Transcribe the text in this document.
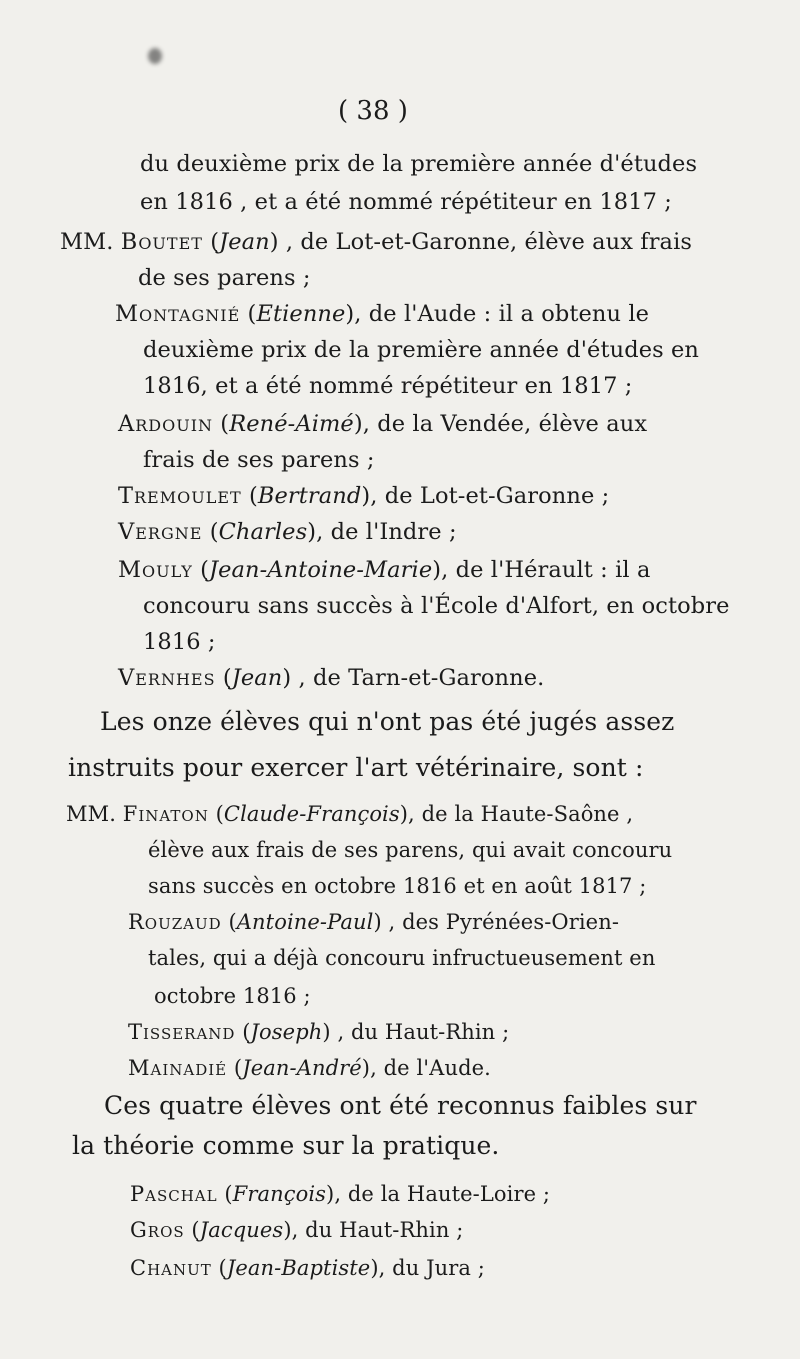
( 38 )
du deuxième prix de la première année d'études
en 1816 , et a été nommé répétiteur en 1817 ;
MM. Boutet (Jean) , de Lot-et-Garonne, élève aux frais
de ses parens ;
Montagnié (Etienne), de l'Aude : il a obtenu le
deuxième prix de la première année d'études en
1816, et a été nommé répétiteur en 1817 ;
Ardouin (René-Aimé), de la Vendée, élève aux
frais de ses parens ;
Tremoulet (Bertrand), de Lot-et-Garonne ;
Vergne (Charles), de l'Indre ;
Mouly (Jean-Antoine-Marie), de l'Hérault : il a
concouru sans succès à l'École d'Alfort, en octobre
1816 ;
Vernhes (Jean) , de Tarn-et-Garonne.
Les onze élèves qui n'ont pas été jugés assez
instruits pour exercer l'art vétérinaire, sont :
MM. Finaton (Claude-François), de la Haute-Saône ,
élève aux frais de ses parens, qui avait concouru
sans succès en octobre 1816 et en août 1817 ;
Rouzaud (Antoine-Paul) , des Pyrénées-Orien-
tales, qui a déjà concouru infructueusement en
octobre 1816 ;
Tisserand (Joseph) , du Haut-Rhin ;
Mainadié (Jean-André), de l'Aude.
Ces quatre élèves ont été reconnus faibles sur
la théorie comme sur la pratique.
Paschal (François), de la Haute-Loire ;
Gros (Jacques), du Haut-Rhin ;
Chanut (Jean-Baptiste), du Jura ;
